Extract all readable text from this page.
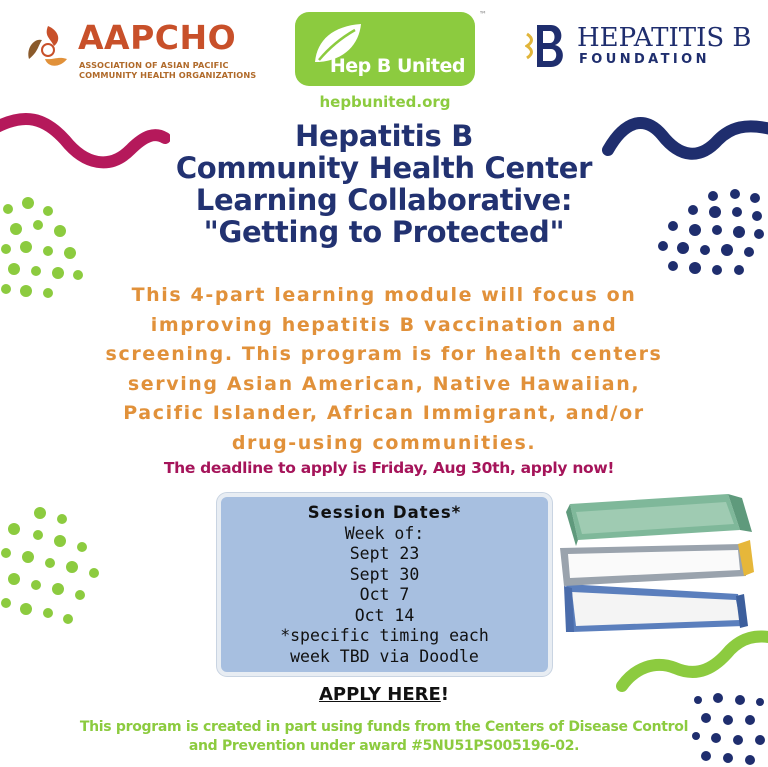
AAPCHO
ASSOCIATION OF ASIAN PACIFIC
COMMUNITY HEALTH ORGANIZATIONS
™
Hep B United
hepbunited.org
HEPATITIS B
FOUNDATION
Hepatitis B
Community Health Center
Learning Collaborative:
"Getting to Protected"
This 4-part learning module will focus on
improving hepatitis B vaccination and
screening. This program is for health centers
serving Asian American, Native Hawaiian,
Pacific Islander, African Immigrant, and/or
drug-using communities.
The deadline to apply is Friday, Aug 30th, apply now!
Session Dates*
Week of:
Sept 23
Sept 30
Oct 7
Oct 14
*specific timing each
week TBD via Doodle
APPLY HERE!
This program is created in part using funds from the Centers of Disease Control
and Prevention under award #5NU51PS005196-02.
